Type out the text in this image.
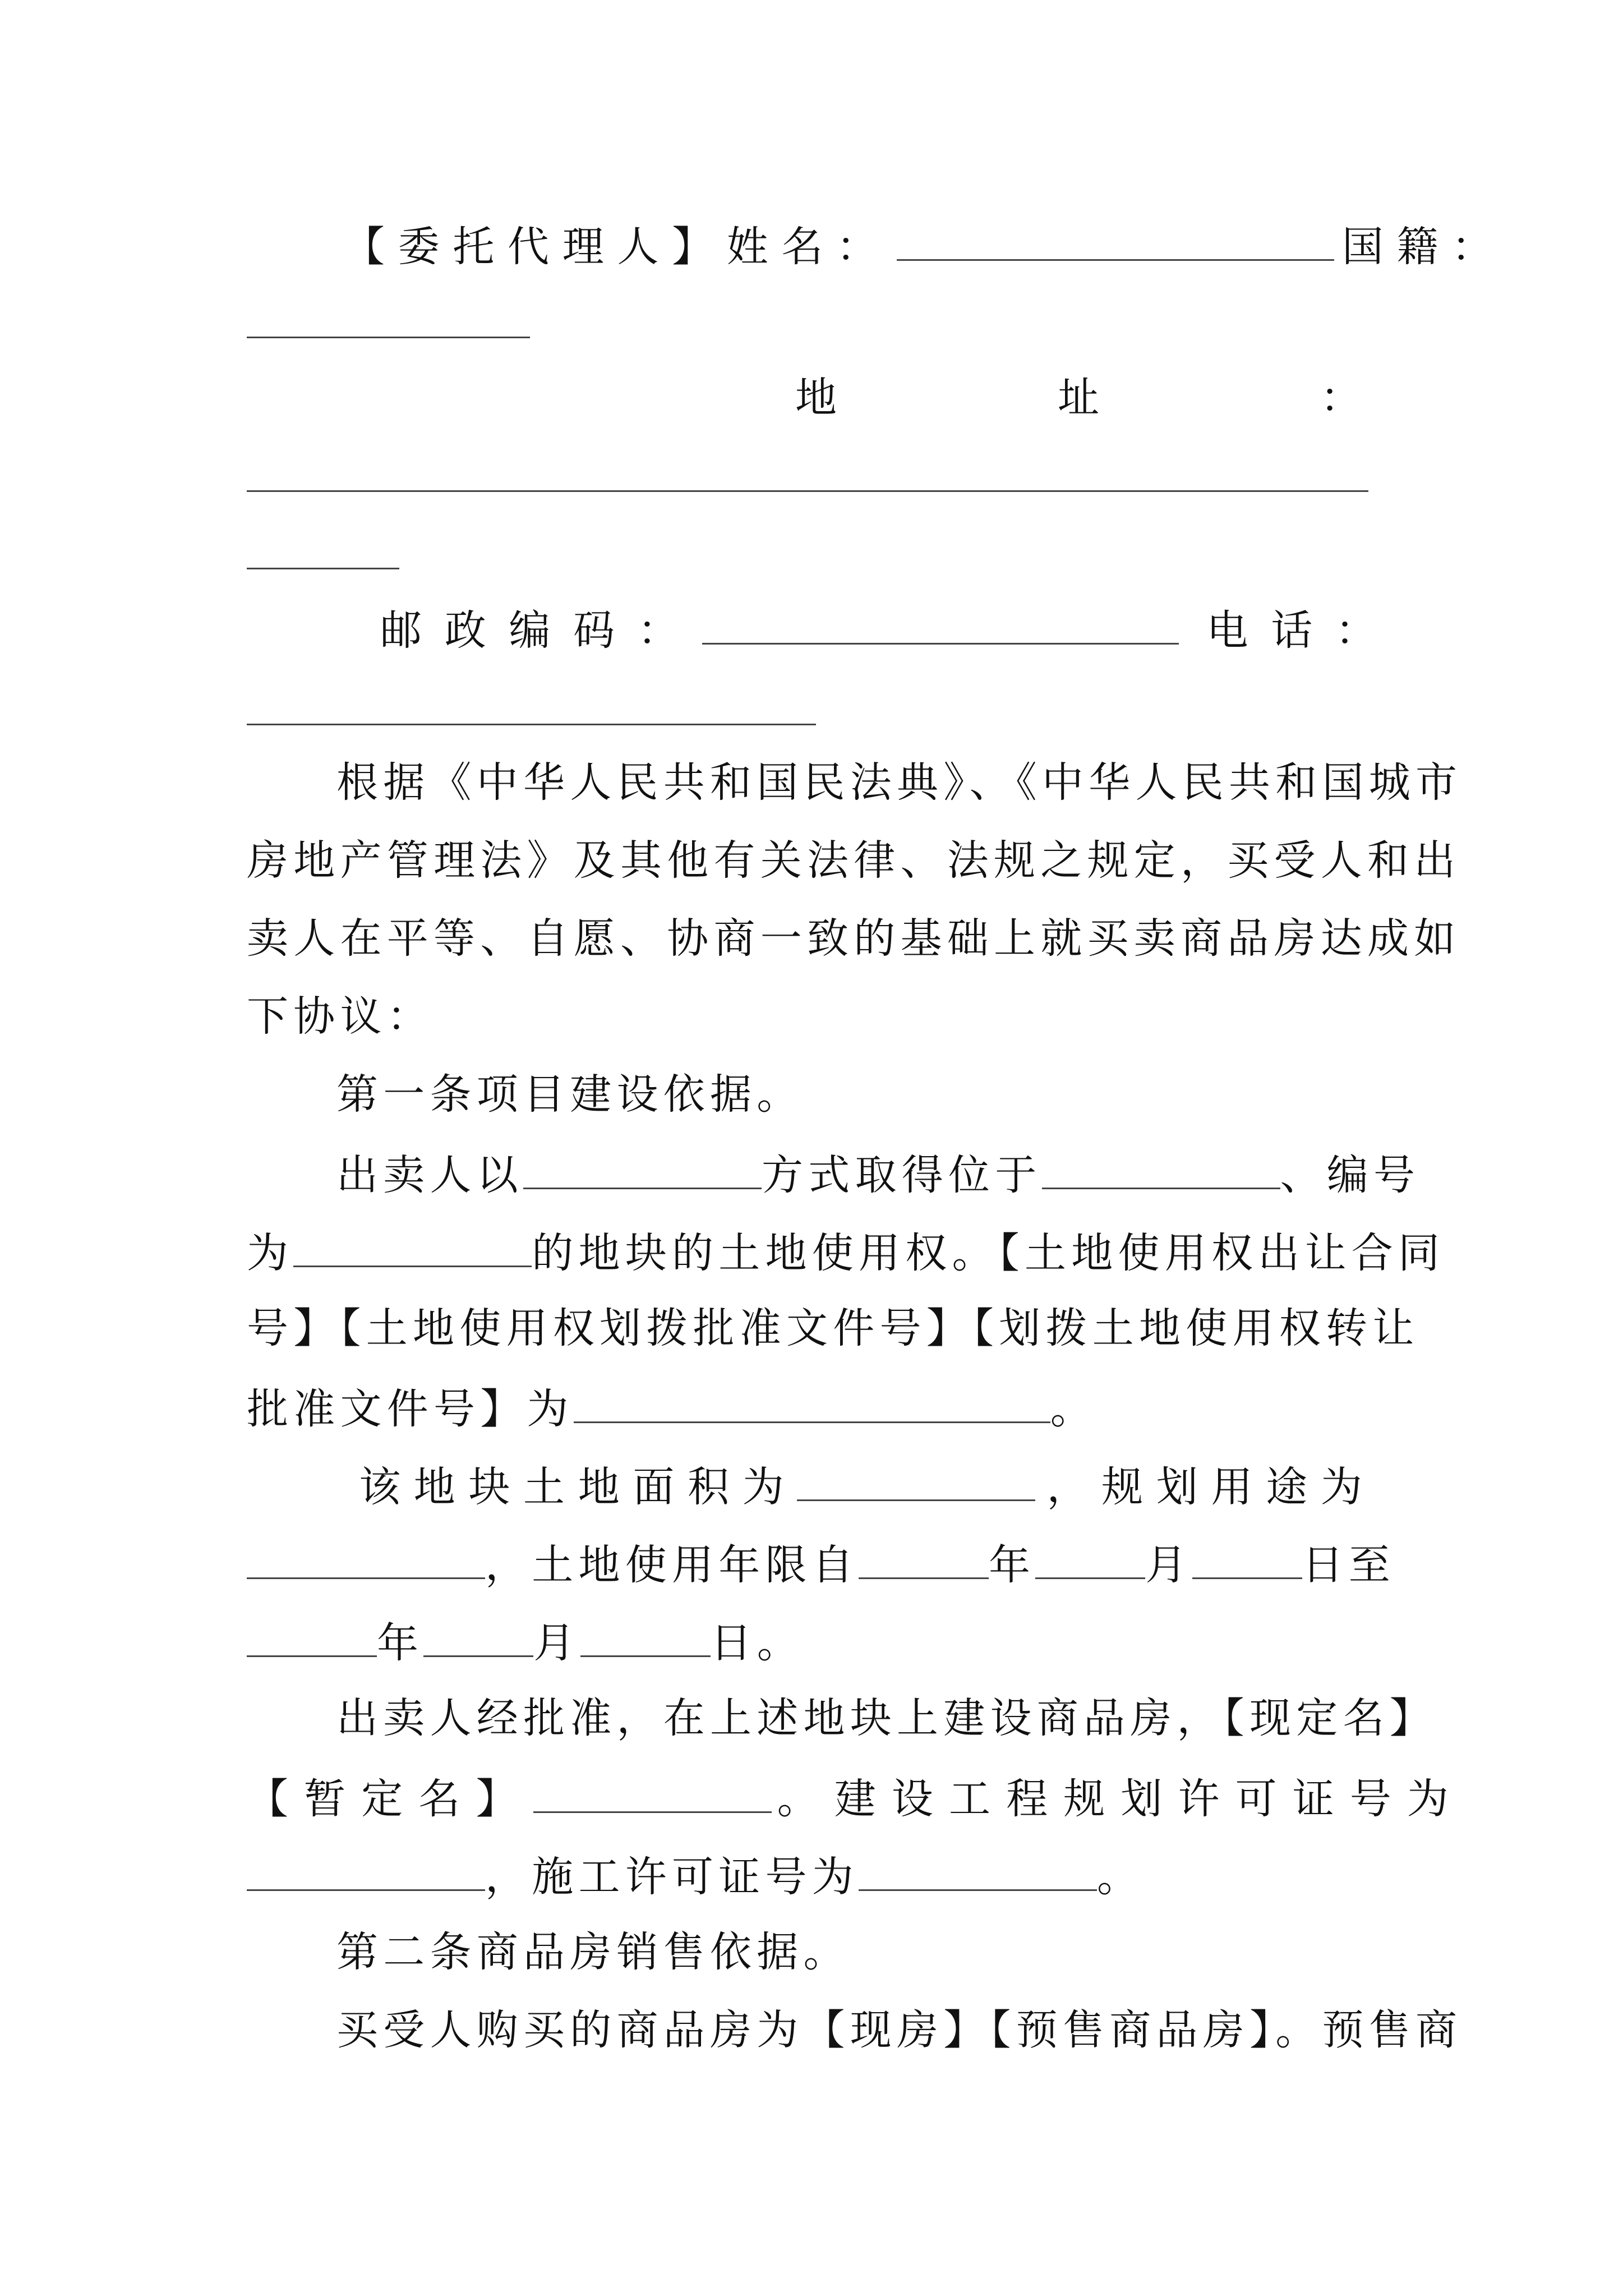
【委托代理人】姓名：	国籍：
地	址	：
邮政编码：	电话：
根据《中华人民共和国民法典》、《中华人民共和国城市
房地产管理法》及其他有关法律、法规之规定，买受人和出
卖人在平等、自愿、协商一致的基础上就买卖商品房达成如
下协议：
第一条项目建设依据。
出卖人以	方式取得位于	、编号
为	的地块的土地使用权。【土地使用权出让合同
号】【土地使用权划拨批准文件号】【划拨土地使用权转让
批准文件号】为	。
该地块土地面积为	，规划用途为
，土地使用年限自	年	月	日至
年	月	日。
出卖人经批准，在上述地块上建设商品房，【现定名】
【暂定名】	。建设工程规划许可证号为
，施工许可证号为	。
第二条商品房销售依据。
买受人购买的商品房为【现房】【预售商品房】。预售商
